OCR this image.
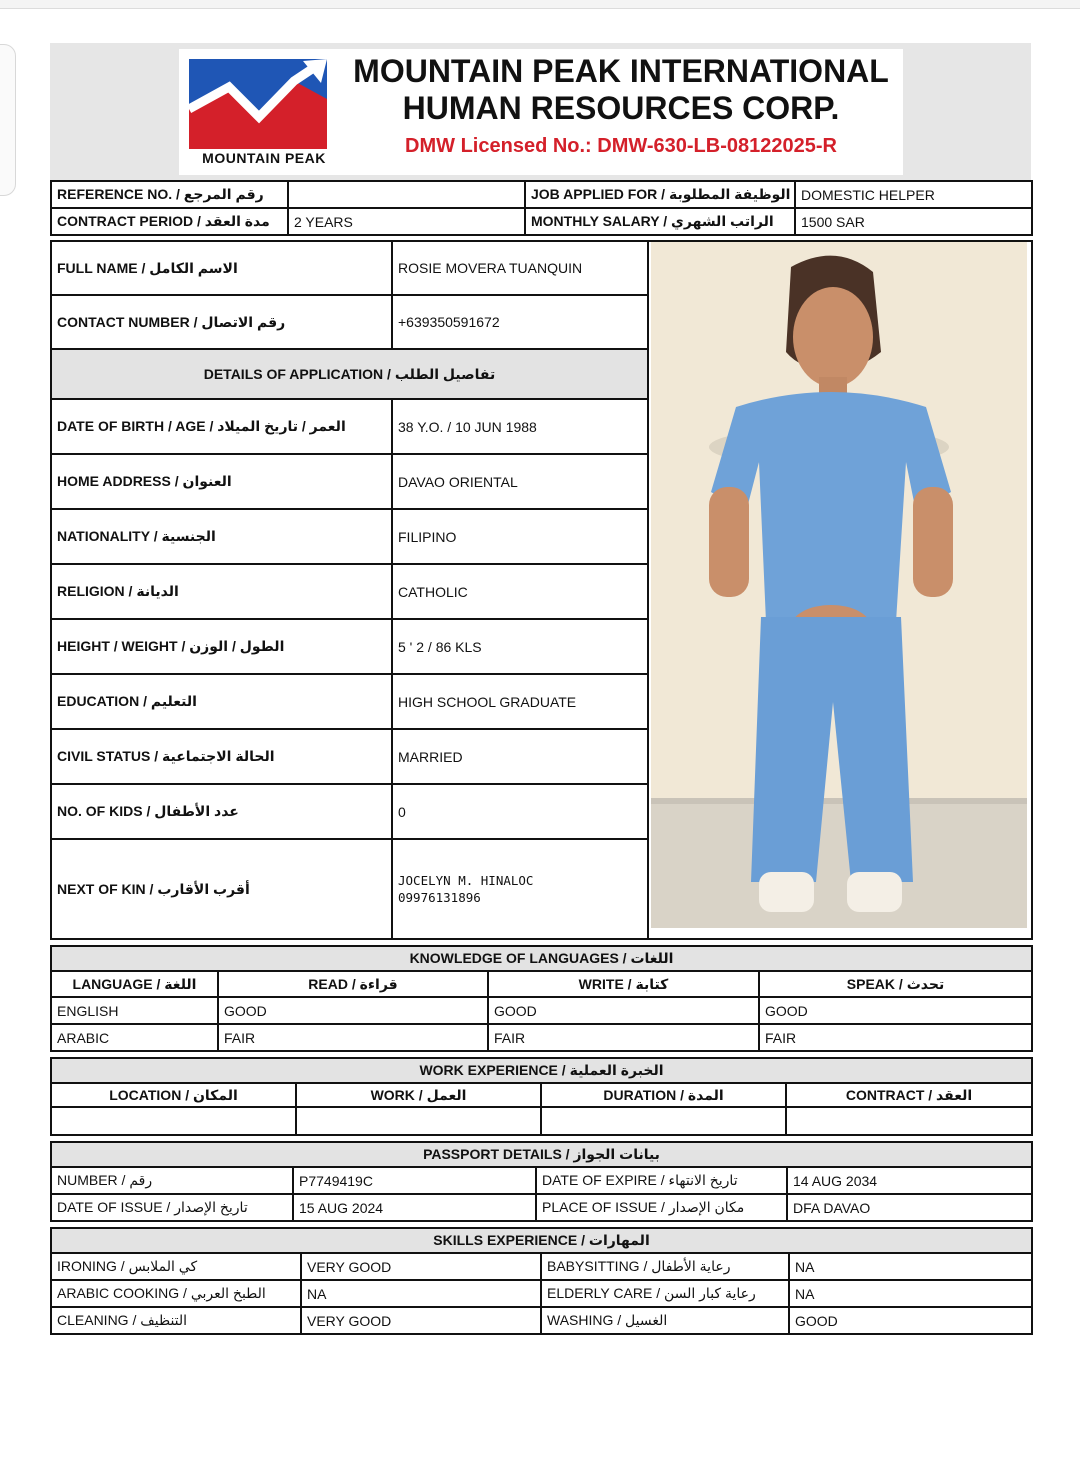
MOUNTAIN PEAK
MOUNTAIN PEAK INTERNATIONAL
HUMAN RESOURCES CORP.
DMW Licensed No.: DMW-630-LB-08122025-R
REFERENCE NO. / رقم المرجع		JOB APPLIED FOR / الوظيفة المطلوبة	DOMESTIC HELPER
CONTRACT PERIOD / مدة العقد	2 YEARS	MONTHLY SALARY / الراتب الشهري	1500 SAR
FULL NAME / الاسم الكامل	ROSIE MOVERA TUANQUIN	
CONTACT NUMBER / رقم الاتصال	+639350591672	
DETAILS OF APPLICATION / تفاصيل الطلب		
DATE OF BIRTH / AGE / العمر / تاريخ الميلاد	38 Y.O. / 10 JUN 1988	
HOME ADDRESS / العنوان	DAVAO ORIENTAL	
NATIONALITY / الجنسية	FILIPINO	
RELIGION / الديانة	CATHOLIC	
HEIGHT / WEIGHT / الطول / الوزن	5 ' 2 / 86 KLS	
EDUCATION / التعليم	HIGH SCHOOL GRADUATE	
CIVIL STATUS / الحالة الاجتماعية	MARRIED	
NO. OF KIDS / عدد الأطفال	0	
NEXT OF KIN / أقرب الأقارب	JOCELYN M. HINALOC
09976131896	
KNOWLEDGE OF LANGUAGES / اللغات			
LANGUAGE / اللغة	READ / قراءة	WRITE / كتابة	SPEAK / تحدث
ENGLISH	GOOD	GOOD	GOOD
ARABIC	FAIR	FAIR	FAIR
WORK EXPERIENCE / الخبرة العملية			
LOCATION / المكان	WORK / العمل	DURATION / المدة	CONTRACT / العقد

PASSPORT DETAILS / بيانات الجواز			
NUMBER / رقم	P7749419C	DATE OF EXPIRE / تاريخ الانتهاء	14 AUG 2034
DATE OF ISSUE / تاريخ الإصدار	15 AUG 2024	PLACE OF ISSUE / مكان الإصدار	DFA DAVAO
SKILLS EXPERIENCE / المهارات			
IRONING / كي الملابس	VERY GOOD	BABYSITTING / رعاية الأطفال	NA
ARABIC COOKING / الطبخ العربي	NA	ELDERLY CARE / رعاية كبار السن	NA
CLEANING / التنظيف	VERY GOOD	WASHING / الغسيل	GOOD
